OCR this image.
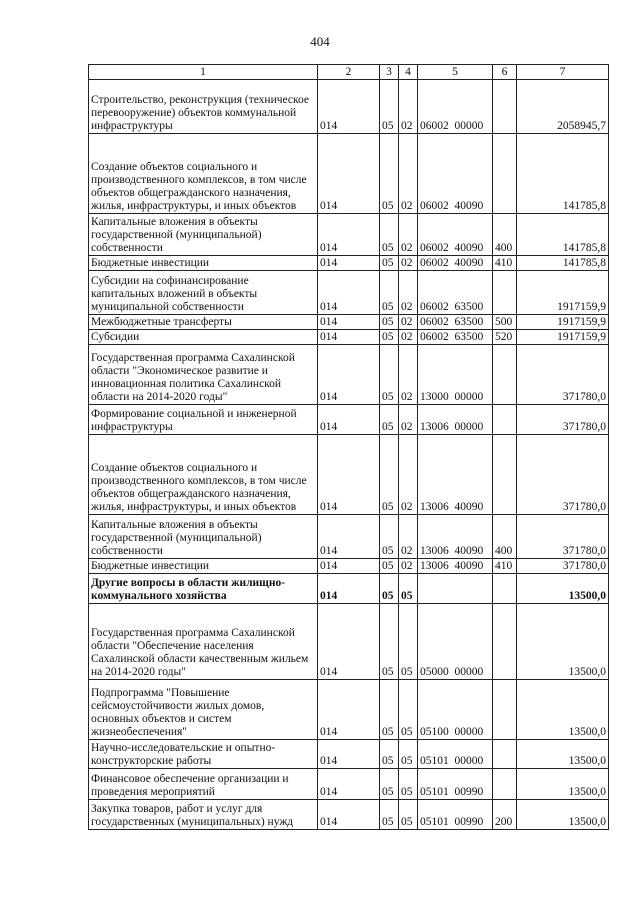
404
1	2	3	4	5	6	7
Строительство, реконструкция (техническое перевооружение) объектов коммунальной инфраструктуры	014	05	02	06002  00000		2058945,7
Создание объектов социального и производственного комплексов, в том числе объектов общегражданского назначения, жилья, инфраструктуры, и иных объектов	014	05	02	06002  40090		141785,8
Капитальные вложения в объекты государственной (муниципальной) собственности	014	05	02	06002  40090	400	141785,8
Бюджетные инвестиции	014	05	02	06002  40090	410	141785,8
Субсидии на софинансирование капитальных вложений в объекты муниципальной собственности	014	05	02	06002  63500		1917159,9
Межбюджетные трансферты	014	05	02	06002  63500	500	1917159,9
Субсидии	014	05	02	06002  63500	520	1917159,9
Государственная программа Сахалинской области "Экономическое развитие и инновационная политика Сахалинской области на 2014-2020 годы"	014	05	02	13000  00000		371780,0
Формирование социальной и инженерной инфраструктуры	014	05	02	13006  00000		371780,0
Создание объектов социального и производственного комплексов, в том числе объектов общегражданского назначения, жилья, инфраструктуры, и иных объектов	014	05	02	13006  40090		371780,0
Капитальные вложения в объекты государственной (муниципальной) собственности	014	05	02	13006  40090	400	371780,0
Бюджетные инвестиции	014	05	02	13006  40090	410	371780,0
Другие вопросы в области жилищно-коммунального хозяйства	014	05	05			13500,0
Государственная программа Сахалинской области "Обеспечение населения Сахалинской области качественным жильем на 2014-2020 годы"	014	05	05	05000  00000		13500,0
Подпрограмма "Повышение сейсмоустойчивости жилых домов, основных объектов и систем жизнеобеспечения"	014	05	05	05100  00000		13500,0
Научно-исследовательские и опытно-конструкторские работы	014	05	05	05101  00000		13500,0
Финансовое обеспечение организации и проведения мероприятий	014	05	05	05101  00990		13500,0
Закупка товаров, работ и услуг для государственных (муниципальных) нужд	014	05	05	05101  00990	200	13500,0
